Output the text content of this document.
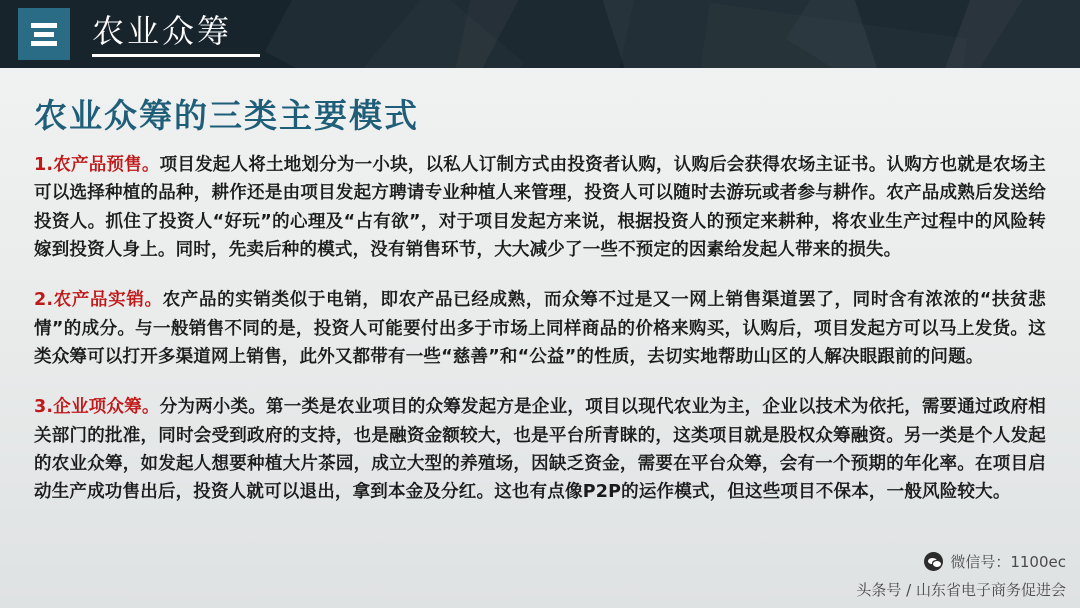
农业众筹
农业众筹的三类主要模式

1.农产品预售。项目发起人将土地划分为一小块，以私人订制方式由投资者认购，认购后会获得农场主证书。认购方也就是农场主可以选择种植的品种，耕作还是由项目发起方聘请专业种植人来管理，投资人可以随时去游玩或者参与耕作。农产品成熟后发送给投资人。抓住了投资人“好玩”的心理及“占有欲”，对于项目发起方来说，根据投资人的预定来耕种，将农业生产过程中的风险转嫁到投资人身上。同时，先卖后种的模式，没有销售环节，大大减少了一些不预定的因素给发起人带来的损失。

2.农产品实销。农产品的实销类似于电销，即农产品已经成熟，而众筹不过是又一网上销售渠道罢了，同时含有浓浓的“扶贫悲情”的成分。与一般销售不同的是，投资人可能要付出多于市场上同样商品的价格来购买，认购后，项目发起方可以马上发货。这类众筹可以打开多渠道网上销售，此外又都带有一些“慈善”和“公益”的性质，去切实地帮助山区的人解决眼跟前的问题。

3.企业项众筹。分为两小类。第一类是农业项目的众筹发起方是企业，项目以现代农业为主，企业以技术为依托，需要通过政府相关部门的批准，同时会受到政府的支持，也是融资金额较大，也是平台所青睐的，这类项目就是股权众筹融资。另一类是个人发起的农业众筹，如发起人想要种植大片茶园，成立大型的养殖场，因缺乏资金，需要在平台众筹，会有一个预期的年化率。在项目启动生产成功售出后，投资人就可以退出，拿到本金及分红。这也有点像P2P的运作模式，但这些项目不保本，一般风险较大。

微信号：1100ec
头条号 / 山东省电子商务促进会
